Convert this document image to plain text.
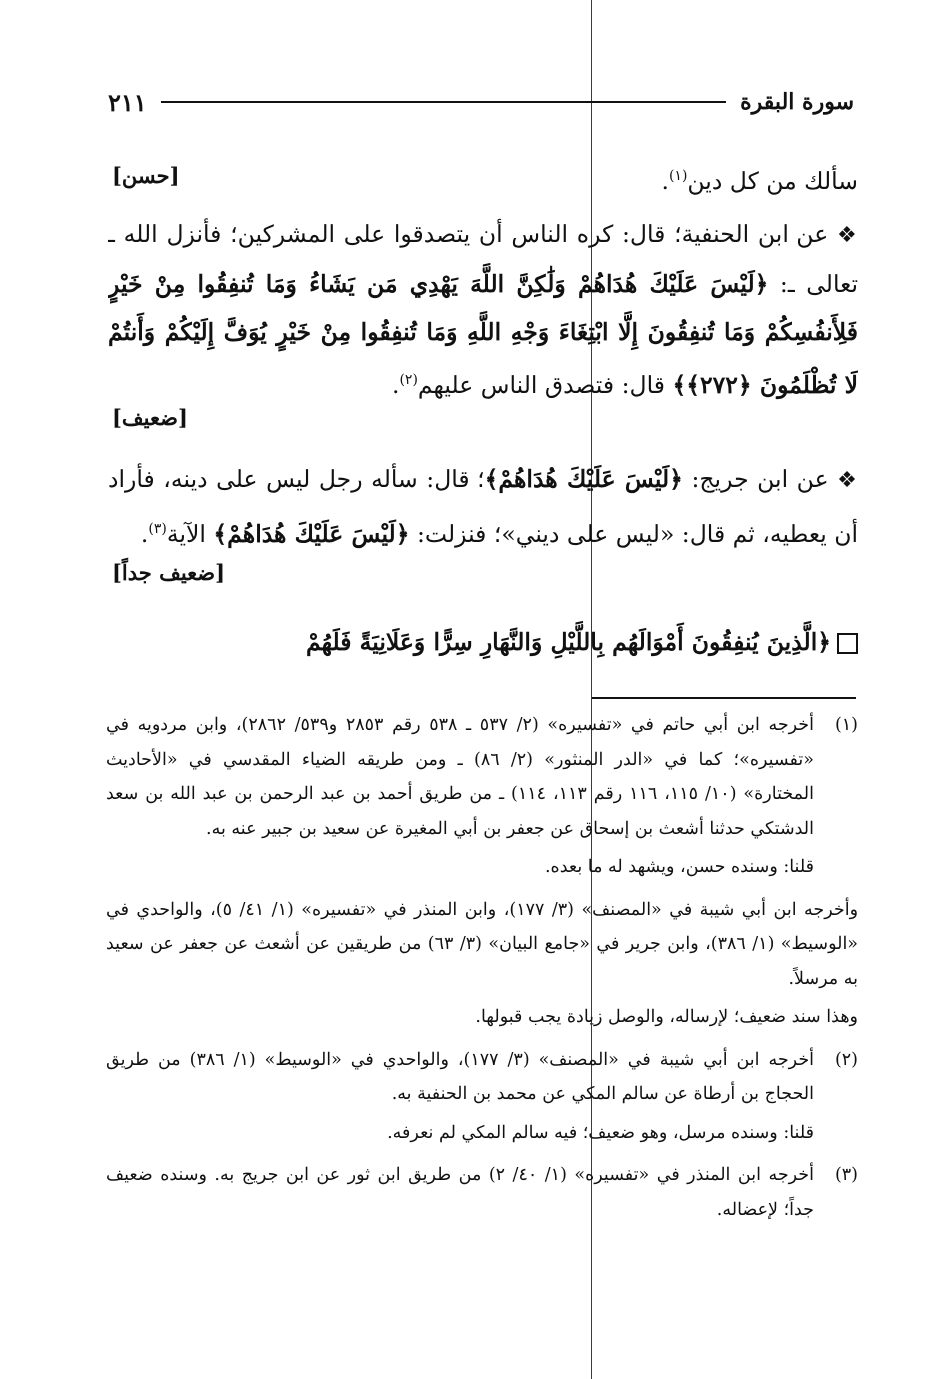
سورة البقرة
٢١١

سألك من كل دين$^{(١)}$.

[حسن]

❖ عن ابن الحنفية؛ قال: كره الناس أن يتصدقوا على المشركين؛ فأنزل الله ـ تعالى ـ: ﴿لَيْسَ عَلَيْكَ هُدَاهُمْ وَلَٰكِنَّ اللَّهَ يَهْدِي مَن يَشَاءُ وَمَا تُنفِقُوا مِنْ خَيْرٍ فَلِأَنفُسِكُمْ وَمَا تُنفِقُونَ إِلَّا ابْتِغَاءَ وَجْهِ اللَّهِ وَمَا تُنفِقُوا مِنْ خَيْرٍ يُوَفَّ إِلَيْكُمْ وَأَنتُمْ لَا تُظْلَمُونَ ﴿٢٧٢﴾﴾ قال: فتصدق الناس عليهم$^{(٢)}$.

[ضعيف]

❖ عن ابن جريج: ﴿لَيْسَ عَلَيْكَ هُدَاهُمْ﴾؛ قال: سأله رجل ليس على دينه، فأراد أن يعطيه، ثم قال: «ليس على ديني»؛ فنزلت: ﴿لَيْسَ عَلَيْكَ هُدَاهُمْ﴾ الآية$^{(٣)}$.

[ضعيف جداً]

﴿الَّذِينَ يُنفِقُونَ أَمْوَالَهُم بِاللَّيْلِ وَالنَّهَارِ سِرًّا وَعَلَانِيَةً فَلَهُمْ

(١)

أخرجه ابن أبي حاتم في «تفسيره» (٢/ ٥٣٧ ـ ٥٣٨ رقم ٢٨٥٣ و٥٣٩/ ٢٨٦٢)، وابن مردويه في «تفسيره»؛ كما في «الدر المنثور» (٢/ ٨٦) ـ ومن طريقه الضياء المقدسي في «الأحاديث المختارة» (١٠/ ١١٥، ١١٦ رقم ١١٣، ١١٤) ـ من طريق أحمد بن عبد الرحمن بن عبد الله بن سعد الدشتكي حدثنا أشعث بن إسحاق عن جعفر بن أبي المغيرة عن سعيد بن جبير عنه به.

قلنا: وسنده حسن، ويشهد له ما بعده.

وأخرجه ابن أبي شيبة في «المصنف» (٣/ ١٧٧)، وابن المنذر في «تفسيره» (١/ ٤١/ ٥)، والواحدي في «الوسيط» (١/ ٣٨٦)، وابن جرير في «جامع البيان» (٣/ ٦٣) من طريقين عن أشعث عن جعفر عن سعيد به مرسلاً.

وهذا سند ضعيف؛ لإرساله، والوصل زيادة يجب قبولها.

(٢)

أخرجه ابن أبي شيبة في «المصنف» (٣/ ١٧٧)، والواحدي في «الوسيط» (١/ ٣٨٦) من طريق الحجاج بن أرطاة عن سالم المكي عن محمد بن الحنفية به.

قلنا: وسنده مرسل، وهو ضعيف؛ فيه سالم المكي لم نعرفه.

(٣)

أخرجه ابن المنذر في «تفسيره» (١/ ٤٠/ ٢) من طريق ابن ثور عن ابن جريج به. وسنده ضعيف جداً؛ لإعضاله.
